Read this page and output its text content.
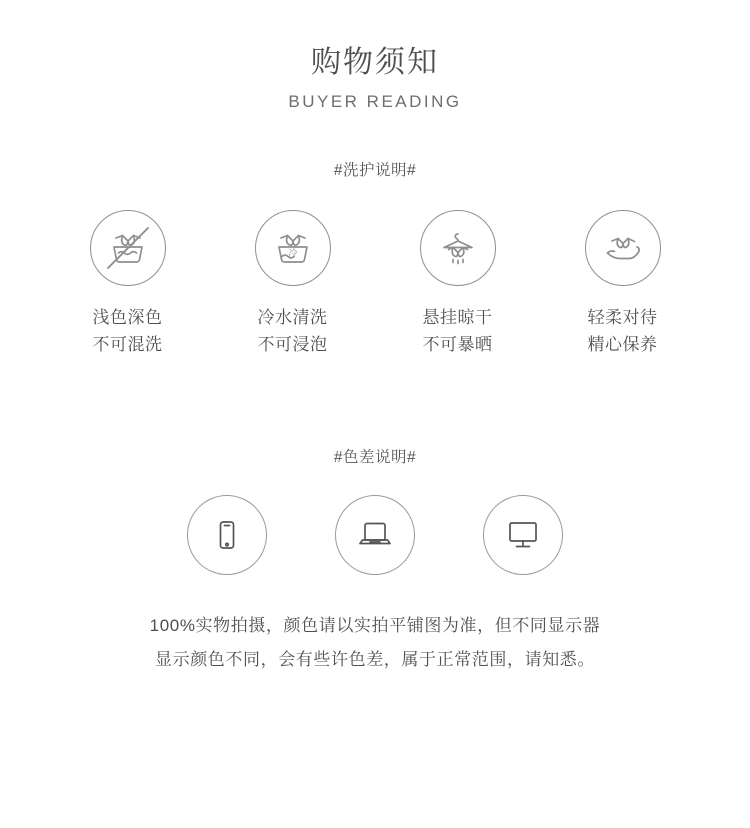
购物须知
BUYER READING
#洗护说明#
浅色深色
不可混洗
冷
冷水清洗
不可浸泡
悬挂晾干
不可暴晒
轻柔对待
精心保养
#色差说明#
100%实物拍摄，颜色请以实拍平铺图为准，但不同显示器
显示颜色不同，会有些许色差，属于正常范围，请知悉。
